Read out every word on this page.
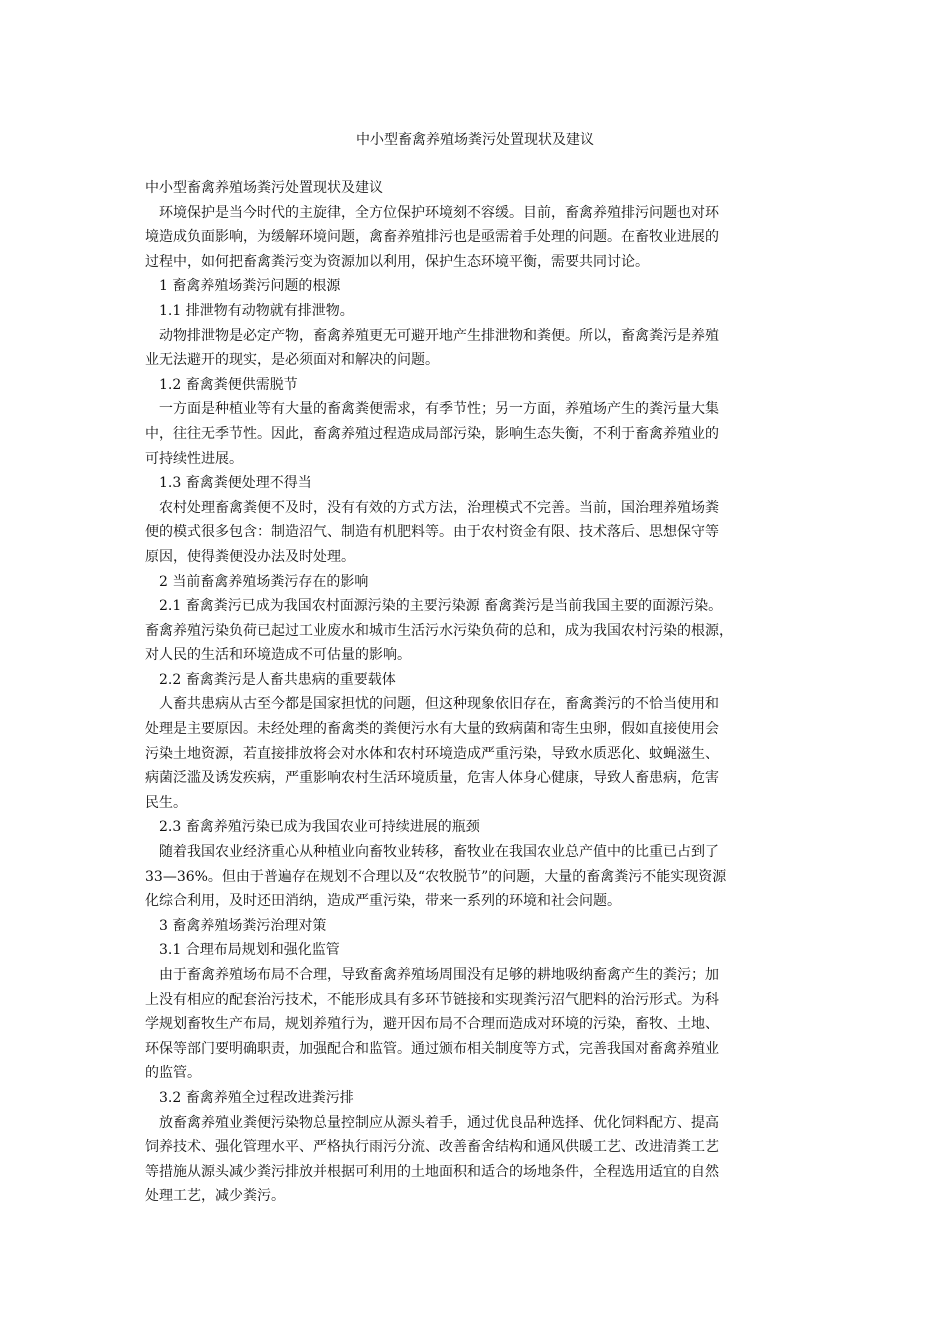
中小型畜禽养殖场粪污处置现状及建议
中小型畜禽养殖场粪污处置现状及建议
　环境保护是当今时代的主旋律，全方位保护环境刻不容缓。目前，畜禽养殖排污问题也对环
境造成负面影响，为缓解环境问题，禽畜养殖排污也是亟需着手处理的问题。在畜牧业进展的
过程中，如何把畜禽粪污变为资源加以利用，保护生态环境平衡，需要共同讨论。
　1 畜禽养殖场粪污问题的根源
　1.1 排泄物有动物就有排泄物。
　动物排泄物是必定产物，畜禽养殖更无可避开地产生排泄物和粪便。所以，畜禽粪污是养殖
业无法避开的现实，是必须面对和解决的问题。
　1.2 畜禽粪便供需脱节
　一方面是种植业等有大量的畜禽粪便需求，有季节性；另一方面，养殖场产生的粪污量大集
中，往往无季节性。因此，畜禽养殖过程造成局部污染，影响生态失衡，不利于畜禽养殖业的
可持续性进展。
　1.3 畜禽粪便处理不得当
　农村处理畜禽粪便不及时，没有有效的方式方法，治理模式不完善。当前，国治理养殖场粪
便的模式很多包含：制造沼气、制造有机肥料等。由于农村资金有限、技术落后、思想保守等
原因，使得粪便没办法及时处理。
　2 当前畜禽养殖场粪污存在的影响
　2.1 畜禽粪污已成为我国农村面源污染的主要污染源 畜禽粪污是当前我国主要的面源污染。
畜禽养殖污染负荷已起过工业废水和城市生活污水污染负荷的总和，成为我国农村污染的根源，
对人民的生活和环境造成不可估量的影响。
　2.2 畜禽粪污是人畜共患病的重要载体
　人畜共患病从古至今都是国家担忧的问题，但这种现象依旧存在，畜禽粪污的不恰当使用和
处理是主要原因。未经处理的畜禽类的粪便污水有大量的致病菌和寄生虫卵，假如直接使用会
污染土地资源，若直接排放将会对水体和农村环境造成严重污染，导致水质恶化、蚊蝇滋生、
病菌泛滥及诱发疾病，严重影响农村生活环境质量，危害人体身心健康，导致人畜患病，危害
民生。
　2.3 畜禽养殖污染已成为我国农业可持续进展的瓶颈
　随着我国农业经济重心从种植业向畜牧业转移，畜牧业在我国农业总产值中的比重已占到了
33—36%。但由于普遍存在规划不合理以及“农牧脱节”的问题，大量的畜禽粪污不能实现资源
化综合利用，及时还田消纳，造成严重污染，带来一系列的环境和社会问题。
　3 畜禽养殖场粪污治理对策
　3.1 合理布局规划和强化监管
　由于畜禽养殖场布局不合理，导致畜禽养殖场周围没有足够的耕地吸纳畜禽产生的粪污；加
上没有相应的配套治污技术，不能形成具有多环节链接和实现粪污沼气肥料的治污形式。为科
学规划畜牧生产布局，规划养殖行为，避开因布局不合理而造成对环境的污染，畜牧、土地、
环保等部门要明确职责，加强配合和监管。通过颁布相关制度等方式，完善我国对畜禽养殖业
的监管。
　3.2 畜禽养殖全过程改进粪污排
　放畜禽养殖业粪便污染物总量控制应从源头着手，通过优良品种选择、优化饲料配方、提高
饲养技术、强化管理水平、严格执行雨污分流、改善畜舍结构和通风供暖工艺、改进清粪工艺
等措施从源头减少粪污排放并根据可利用的土地面积和适合的场地条件，全程选用适宜的自然
处理工艺，减少粪污。
